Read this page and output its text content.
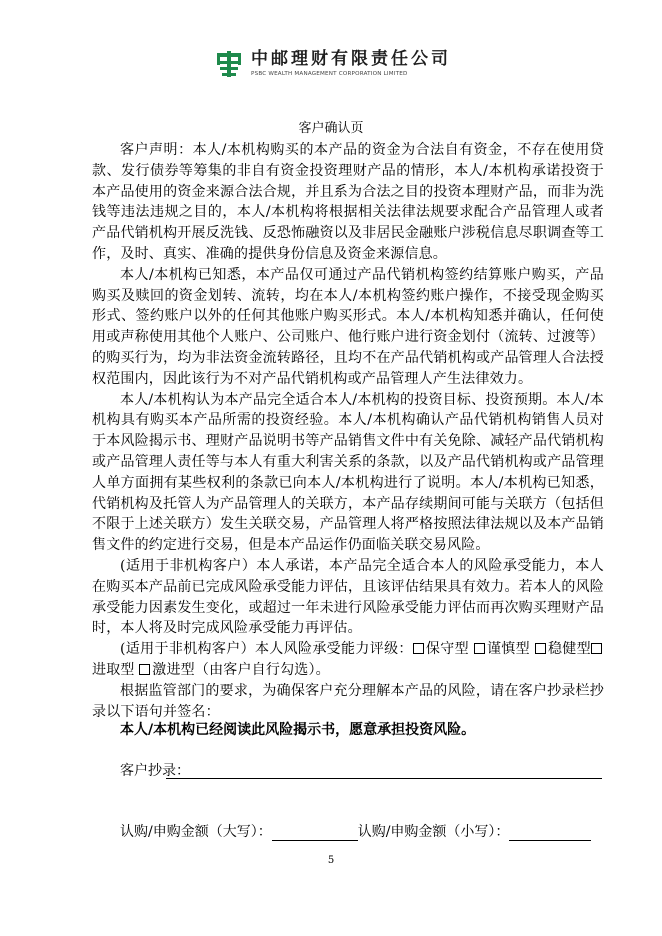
中邮理财有限责任公司
PSBC WEALTH MANAGEMENT CORPORATION LIMITED
客户确认页

客户声明：本人/本机构购买的本产品的资金为合法自有资金，不存在使用贷款、发行债券等筹集的非自有资金投资理财产品的情形，本人/本机构承诺投资于本产品使用的资金来源合法合规，并且系为合法之目的投资本理财产品，而非为洗钱等违法违规之目的，本人/本机构将根据相关法律法规要求配合产品管理人或者产品代销机构开展反洗钱、反恐怖融资以及非居民金融账户涉税信息尽职调查等工作，及时、真实、准确的提供身份信息及资金来源信息。

本人/本机构已知悉，本产品仅可通过产品代销机构签约结算账户购买，产品购买及赎回的资金划转、流转，均在本人/本机构签约账户操作，不接受现金购买形式、签约账户以外的任何其他账户购买形式。本人/本机构知悉并确认，任何使用或声称使用其他个人账户、公司账户、他行账户进行资金划付（流转、过渡等）的购买行为，均为非法资金流转路径，且均不在产品代销机构或产品管理人合法授权范围内，因此该行为不对产品代销机构或产品管理人产生法律效力。

本人/本机构认为本产品完全适合本人/本机构的投资目标、投资预期。本人/本机构具有购买本产品所需的投资经验。本人/本机构确认产品代销机构销售人员对于本风险揭示书、理财产品说明书等产品销售文件中有关免除、减轻产品代销机构或产品管理人责任等与本人有重大利害关系的条款，以及产品代销机构或产品管理人单方面拥有某些权利的条款已向本人/本机构进行了说明。本人/本机构已知悉，代销机构及托管人为产品管理人的关联方，本产品存续期间可能与关联方（包括但不限于上述关联方）发生关联交易，产品管理人将严格按照法律法规以及本产品销售文件的约定进行交易，但是本产品运作仍面临关联交易风险。

(适用于非机构客户）本人承诺，本产品完全适合本人的风险承受能力，本人在购买本产品前已完成风险承受能力评估，且该评估结果具有效力。若本人的风险承受能力因素发生变化，或超过一年未进行风险承受能力评估而再次购买理财产品时，本人将及时完成风险承受能力再评估。

(适用于非机构客户）本人风险承受能力评级： 保守型 谨慎型 稳健型进取型 激进型（由客户自行勾选）。

根据监管部门的要求，为确保客户充分理解本产品的风险，请在客户抄录栏抄录以下语句并签名：

本人/本机构已经阅读此风险揭示书，愿意承担投资风险。
客户抄录：
认购/申购金额（大写）：	认购/申购金额（小写）：
5
